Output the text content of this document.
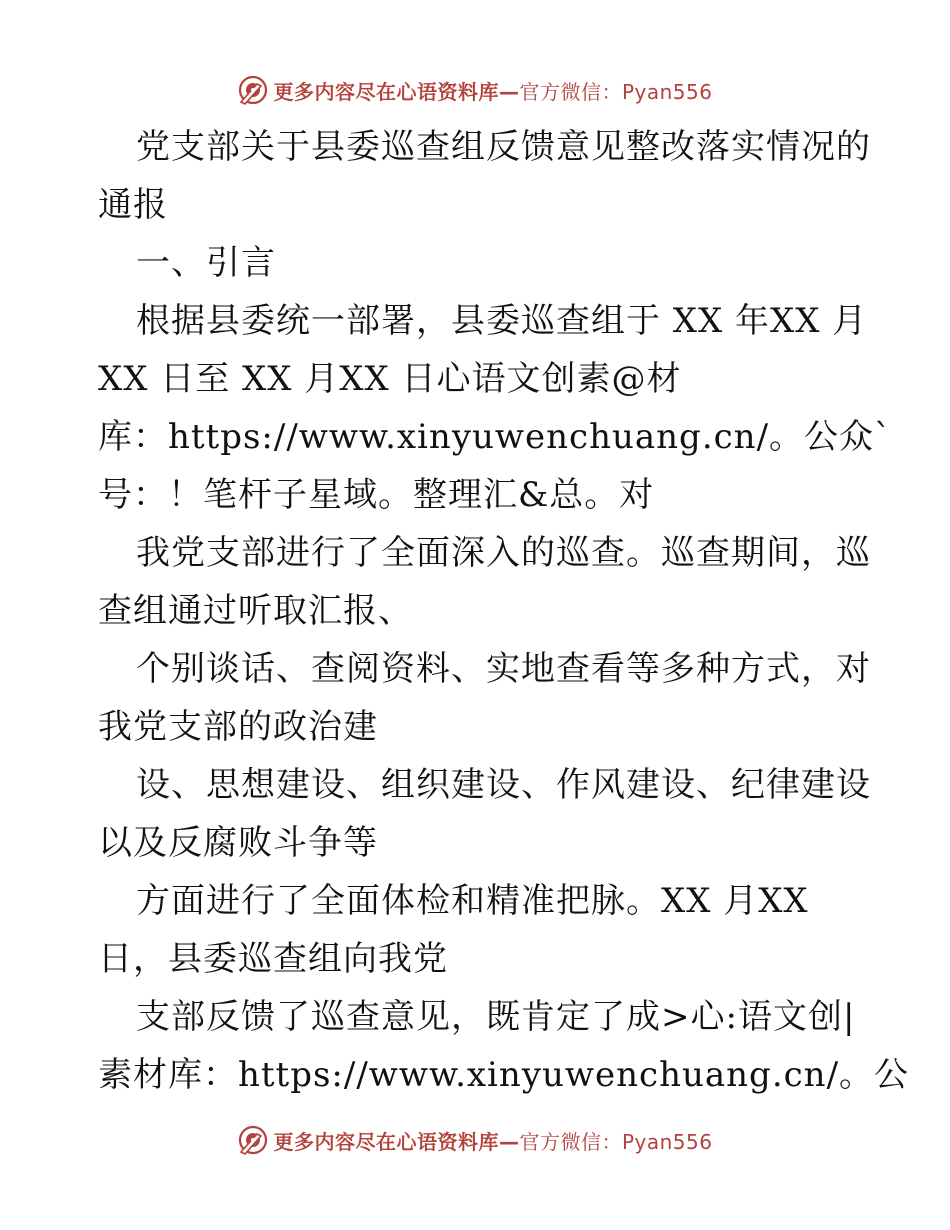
更多内容尽在心语资料库—官方微信：Pyan556
党支部关于县委巡查组反馈意见整改落实情况的
通报
一、引言
根据县委统一部署，县委巡查组于 XX 年XX 月
XX 日至 XX 月XX 日心语文创素@材
库：https://www.xinyuwenchuang.cn/。公众`
号：！笔杆子星域。整理汇&总。对
我党支部进行了全面深入的巡查。巡查期间，巡
查组通过听取汇报、
个别谈话、查阅资料、实地查看等多种方式，对
我党支部的政治建
设、思想建设、组织建设、作风建设、纪律建设
以及反腐败斗争等
方面进行了全面体检和精准把脉。XX 月XX
日，县委巡查组向我党
支部反馈了巡查意见，既肯定了成>心:语文创|
素材库：https://www.xinyuwenchuang.cn/。公
更多内容尽在心语资料库—官方微信：Pyan556
